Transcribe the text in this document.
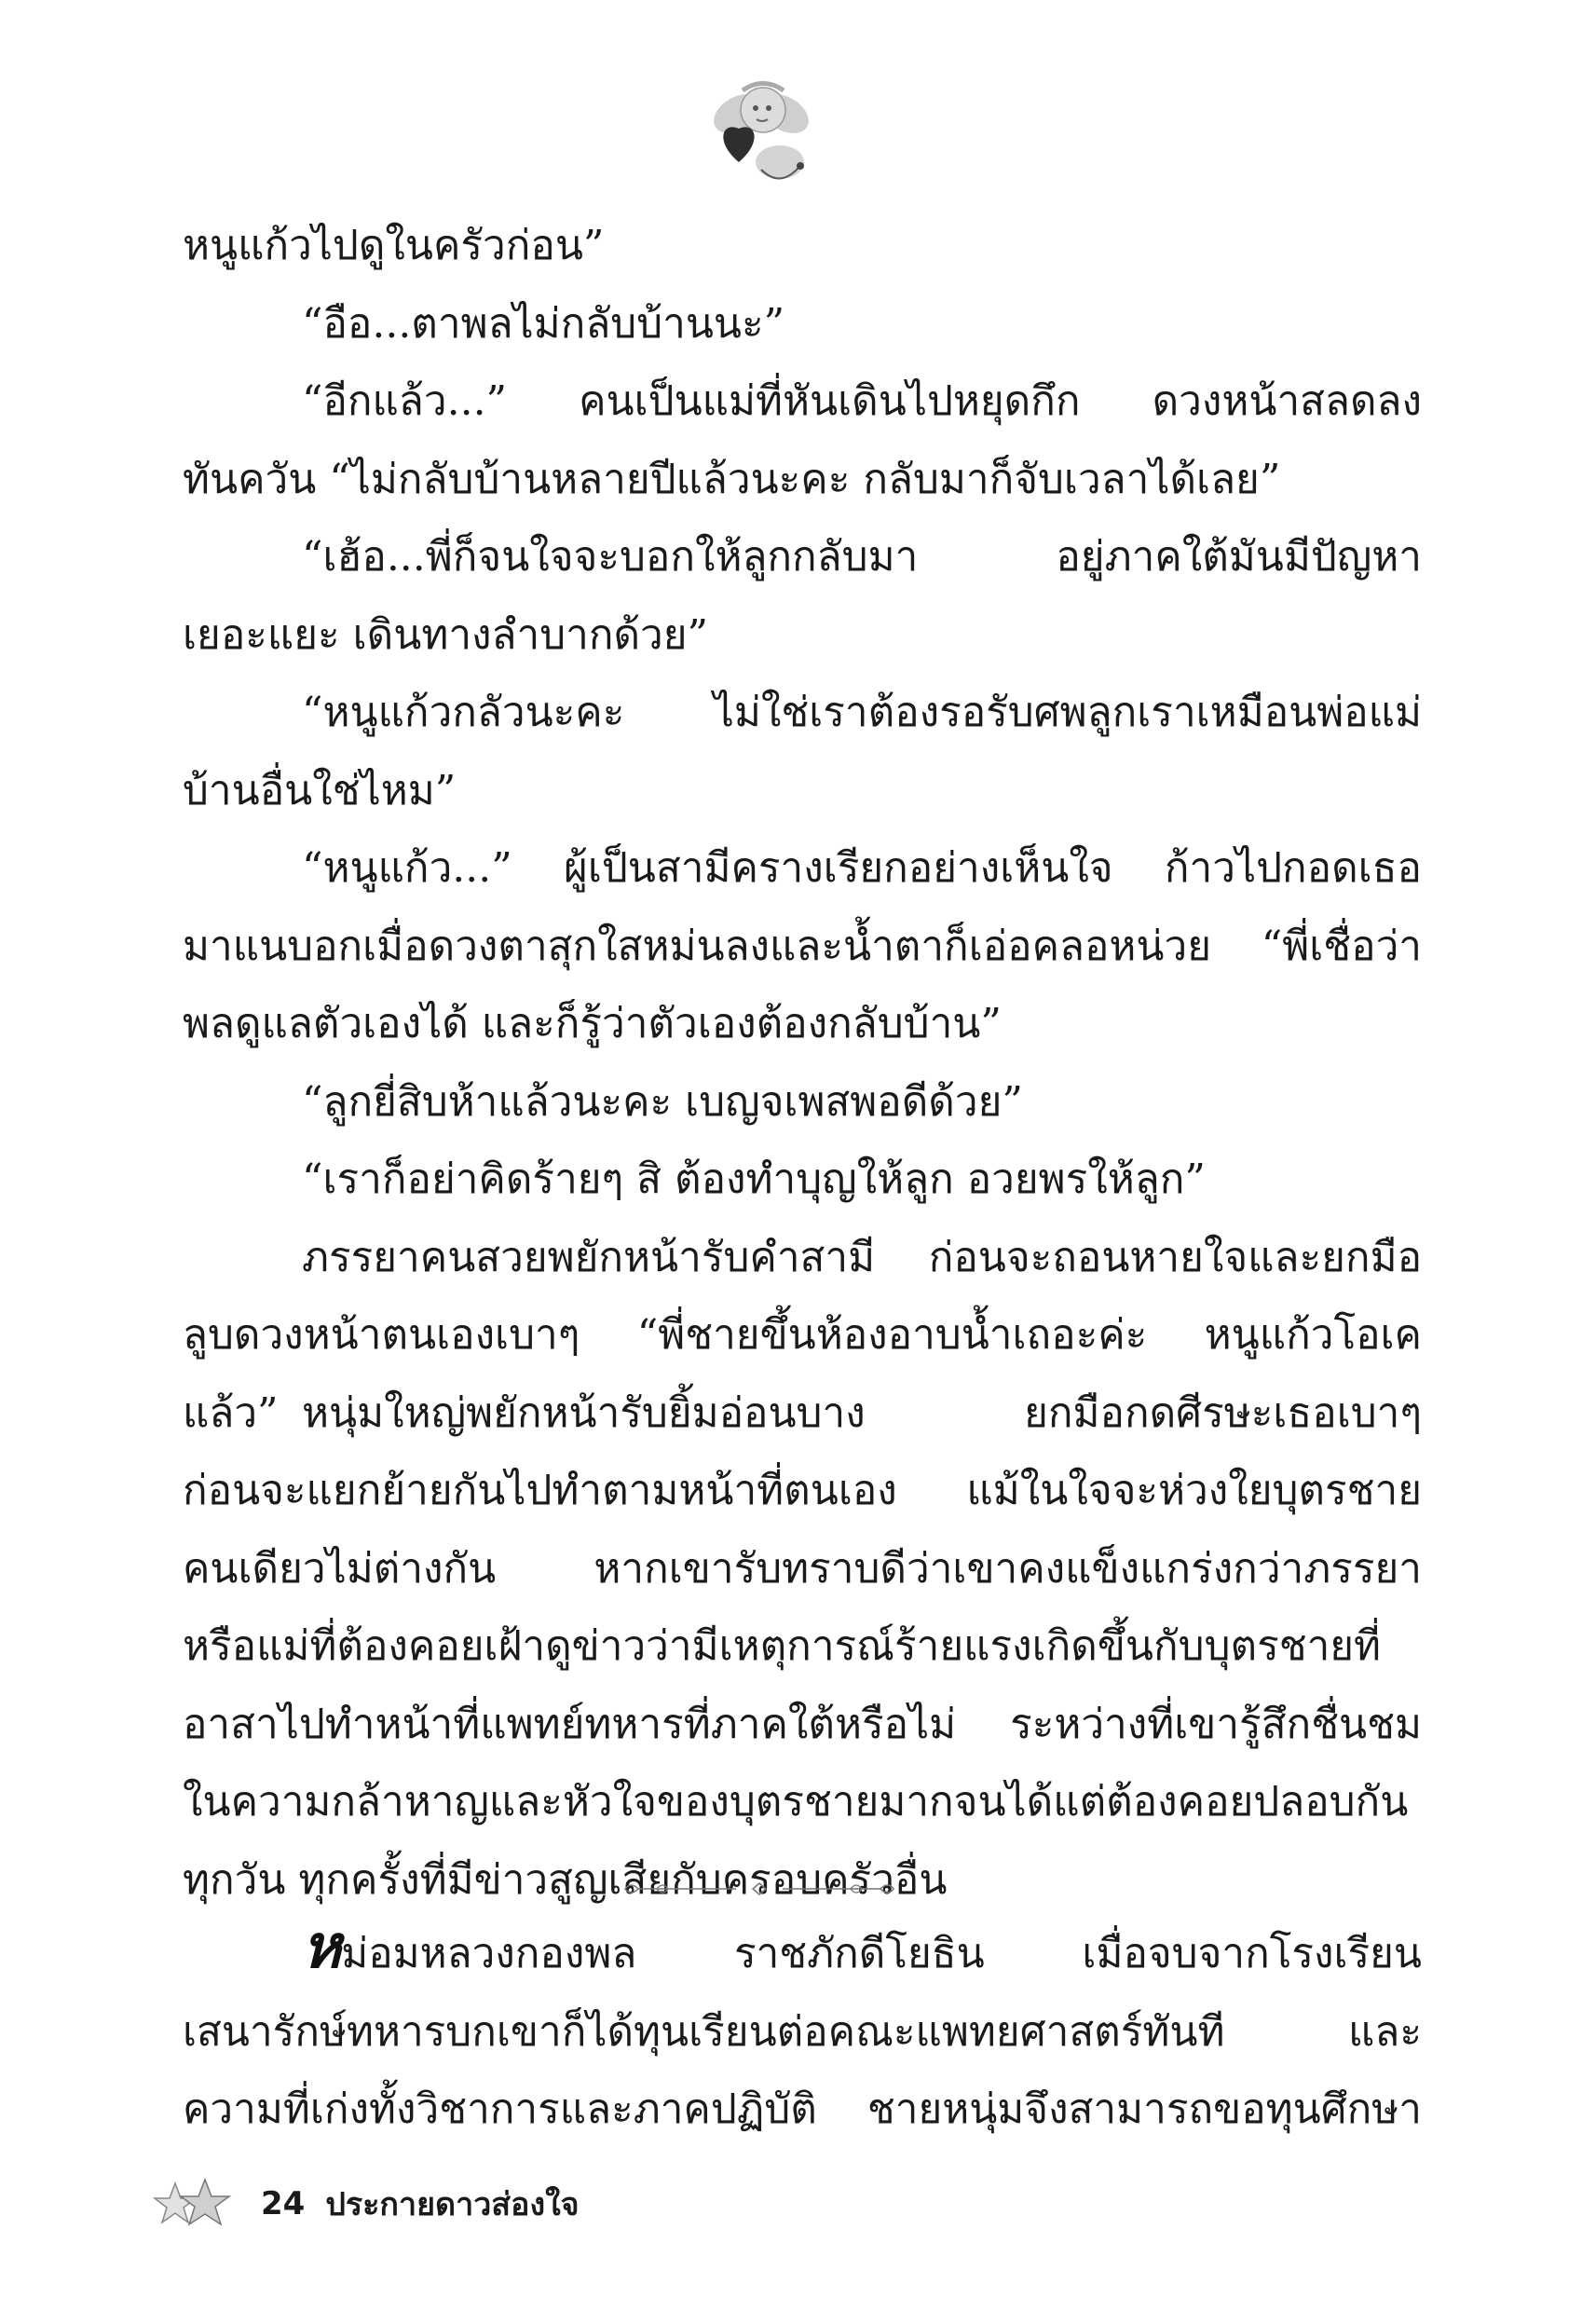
หนูแก้วไปดูในครัวก่อน”
“อือ...ตาพลไม่กลับบ้านนะ”
“อีกแล้ว...” คนเป็นแม่ที่หันเดินไปหยุดกึก ดวงหน้าสลดลง
ทันควัน “ไม่กลับบ้านหลายปีแล้วนะคะ กลับมาก็จับเวลาได้เลย”
“เฮ้อ...พี่ก็จนใจจะบอกให้ลูกกลับมา อยู่ภาคใต้มันมีปัญหา
เยอะแยะ เดินทางลำบากด้วย”
“หนูแก้วกลัวนะคะ ไม่ใช่เราต้องรอรับศพลูกเราเหมือนพ่อแม่
บ้านอื่นใช่ไหม”
“หนูแก้ว...” ผู้เป็นสามีครางเรียกอย่างเห็นใจ ก้าวไปกอดเธอ
มาแนบอกเมื่อดวงตาสุกใสหม่นลงและน้ำตาก็เอ่อคลอหน่วย “พี่เชื่อว่า
พลดูแลตัวเองได้ และก็รู้ว่าตัวเองต้องกลับบ้าน”
“ลูกยี่สิบห้าแล้วนะคะ เบญจเพสพอดีด้วย”
“เราก็อย่าคิดร้ายๆ สิ ต้องทำบุญให้ลูก อวยพรให้ลูก”
ภรรยาคนสวยพยักหน้ารับคำสามี ก่อนจะถอนหายใจและยกมือ
ลูบดวงหน้าตนเองเบาๆ “พี่ชายขึ้นห้องอาบน้ำเถอะค่ะ หนูแก้วโอเคแล้ว” หนุ่มใหญ่พยักหน้ารับยิ้มอ่อนบาง ยกมือกดศีรษะเธอเบาๆ
ก่อนจะแยกย้ายกันไปทำตามหน้าที่ตนเอง แม้ในใจจะห่วงใยบุตรชาย
คนเดียวไม่ต่างกัน หากเขารับทราบดีว่าเขาคงแข็งแกร่งกว่าภรรยา
หรือแม่ที่ต้องคอยเฝ้าดูข่าวว่ามีเหตุการณ์ร้ายแรงเกิดขึ้นกับบุตรชายที่
อาสาไปทำหน้าที่แพทย์ทหารที่ภาคใต้หรือไม่ ระหว่างที่เขารู้สึกชื่นชม
ในความกล้าหาญและหัวใจของบุตรชายมากจนได้แต่ต้องคอยปลอบกัน
ทุกวัน ทุกครั้งที่มีข่าวสูญเสียกับครอบครัวอื่น
หม่อมหลวงกองพล ราชภักดีโยธิน เมื่อจบจากโรงเรียน
เสนารักษ์ทหารบกเขาก็ได้ทุนเรียนต่อคณะแพทยศาสตร์ทันที และ
ความที่เก่งทั้งวิชาการและภาคปฏิบัติ ชายหนุ่มจึงสามารถขอทุนศึกษา
24 ประกายดาวส่องใจ
